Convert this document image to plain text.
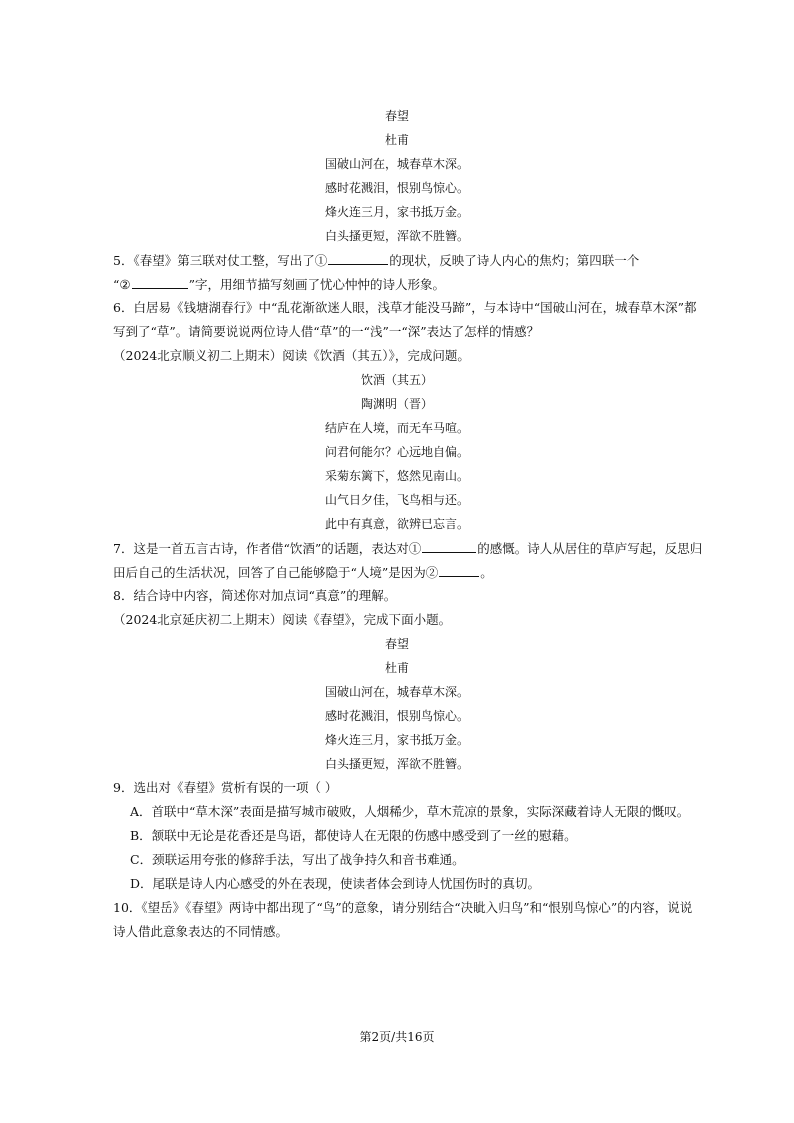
春望
杜甫
国破山河在，城春草木深。
感时花溅泪，恨别鸟惊心。
烽火连三月，家书抵万金。
白头搔更短，浑欲不胜簪。
5．《春望》第三联对仗工整，写出了①	的现状，反映了诗人内心的焦灼；第四联一个
“②	”字，用细节描写刻画了忧心忡忡的诗人形象。
6．白居易《钱塘湖春行》中“乱花渐欲迷人眼，浅草才能没马蹄”，与本诗中“国破山河在，城春草木深”都
写到了“草”。请简要说说两位诗人借“草”的一“浅”一“深”表达了怎样的情感？
（2024北京顺义初二上期末）阅读《饮酒（其五）》，完成问题。
饮酒（其五）
陶渊明（晋）
结庐在人境，而无车马喧。
问君何能尔？心远地自偏。
采菊东篱下，悠然见南山。
山气日夕佳，飞鸟相与还。
此中有真意，欲辨已忘言。
7．这是一首五言古诗，作者借“饮酒”的话题，表达对①	的感慨。诗人从居住的草庐写起，反思归
田后自己的生活状况，回答了自己能够隐于“人境”是因为②	。
8．结合诗中内容，简述你对加点词“真意”的理解。
（2024北京延庆初二上期末）阅读《春望》，完成下面小题。
春望
杜甫
国破山河在，城春草木深。
感时花溅泪，恨别鸟惊心。
烽火连三月，家书抵万金。
白头搔更短，浑欲不胜簪。
9．选出对《春望》赏析有误的一项（ ）
A．首联中“草木深”表面是描写城市破败，人烟稀少，草木荒凉的景象，实际深藏着诗人无限的慨叹。
B．颔联中无论是花香还是鸟语，都使诗人在无限的伤感中感受到了一丝的慰藉。
C．颈联运用夸张的修辞手法，写出了战争持久和音书难通。
D．尾联是诗人内心感受的外在表现，使读者体会到诗人忧国伤时的真切。
10．《望岳》《春望》两诗中都出现了“鸟”的意象，请分别结合“决眦入归鸟”和“恨别鸟惊心”的内容，说说
诗人借此意象表达的不同情感。
第2页/共16页
